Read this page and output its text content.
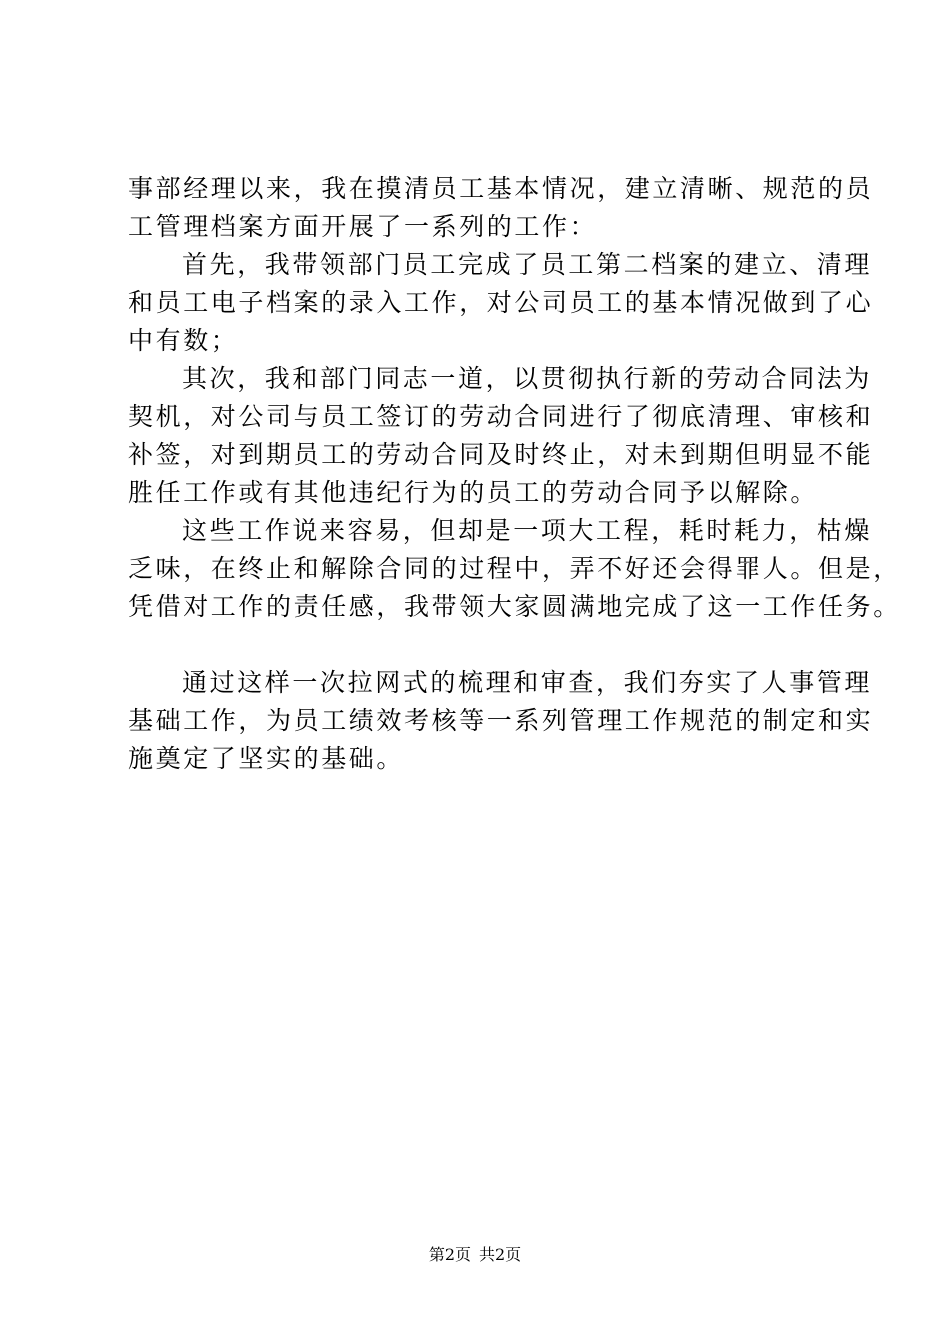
事部经理以来，我在摸清员工基本情况，建立清晰、规范的员
工管理档案方面开展了一系列的工作：
首先，我带领部门员工完成了员工第二档案的建立、清理
和员工电子档案的录入工作，对公司员工的基本情况做到了心
中有数；
其次，我和部门同志一道，以贯彻执行新的劳动合同法为
契机，对公司与员工签订的劳动合同进行了彻底清理、审核和
补签，对到期员工的劳动合同及时终止，对未到期但明显不能
胜任工作或有其他违纪行为的员工的劳动合同予以解除。
这些工作说来容易，但却是一项大工程，耗时耗力，枯燥
乏味，在终止和解除合同的过程中，弄不好还会得罪人。但是，
凭借对工作的责任感，我带领大家圆满地完成了这一工作任务。
通过这样一次拉网式的梳理和审查，我们夯实了人事管理
基础工作，为员工绩效考核等一系列管理工作规范的制定和实
施奠定了坚实的基础。
第2页 共2页
